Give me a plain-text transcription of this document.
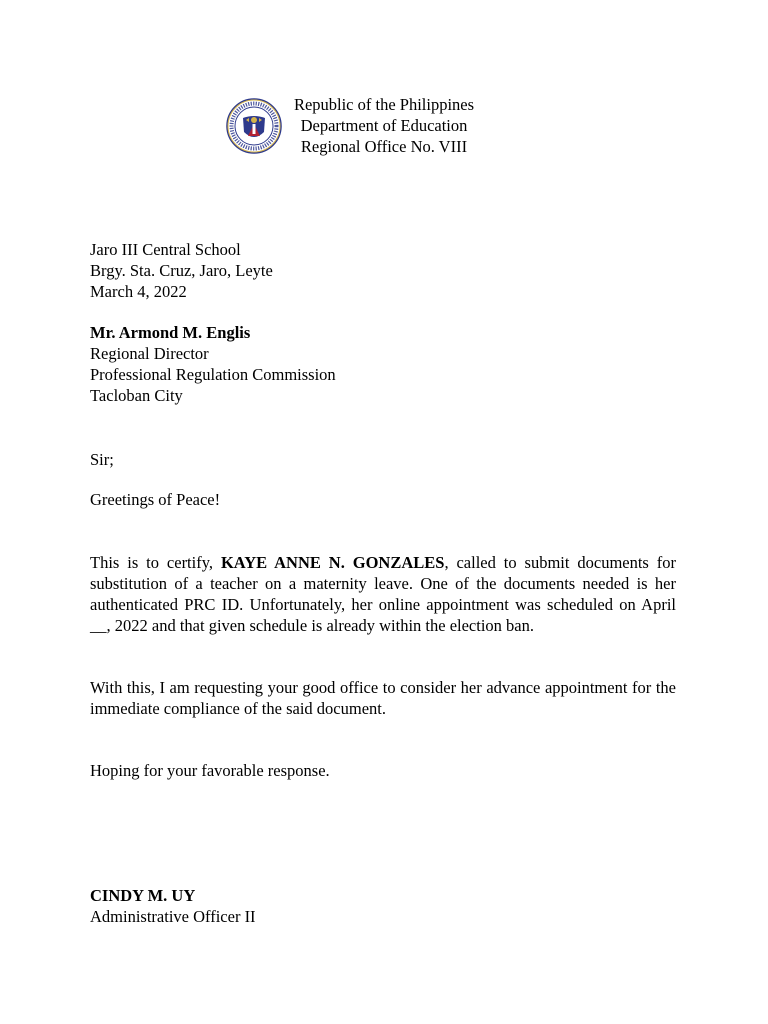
Republic of the Philippines
Department of Education
Regional Office No. VIII
Jaro III Central School
Brgy. Sta. Cruz, Jaro, Leyte
March 4, 2022
Mr. Armond M. Englis
Regional Director
Professional Regulation Commission
Tacloban City
Sir;
Greetings of Peace!
This is to certify, KAYE ANNE N. GONZALES, called to submit documents for substitution of a teacher on a maternity leave. One of the documents needed is her authenticated PRC ID. Unfortunately, her online appointment was scheduled on April __, 2022 and that given schedule is already within the election ban.
With this, I am requesting your good office to consider her advance appointment for the immediate compliance of the said document.
Hoping for your favorable response.
CINDY M. UY
Administrative Officer II
